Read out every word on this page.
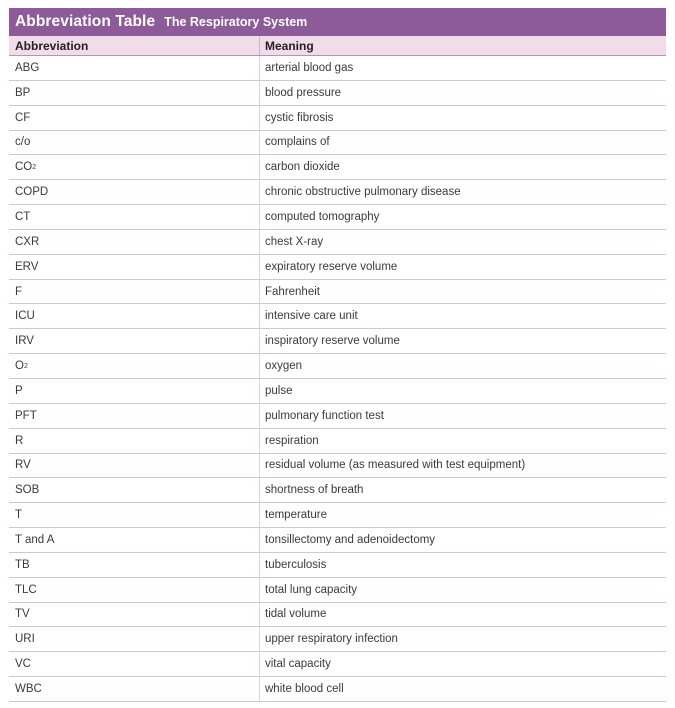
Abbreviation Table The Respiratory System
Abbreviation	Meaning
ABG	arterial blood gas
BP	blood pressure
CF	cystic fibrosis
c/o	complains of
CO 2	carbon dioxide
COPD	chronic obstructive pulmonary disease
CT	computed tomography
CXR	chest X-ray
ERV	expiratory reserve volume
F	Fahrenheit
ICU	intensive care unit
IRV	inspiratory reserve volume
O 2	oxygen
P	pulse
PFT	pulmonary function test
R	respiration
RV	residual volume (as measured with test equipment)
SOB	shortness of breath
T	temperature
T and A	tonsillectomy and adenoidectomy
TB	tuberculosis
TLC	total lung capacity
TV	tidal volume
URI	upper respiratory infection
VC	vital capacity
WBC	white blood cell
